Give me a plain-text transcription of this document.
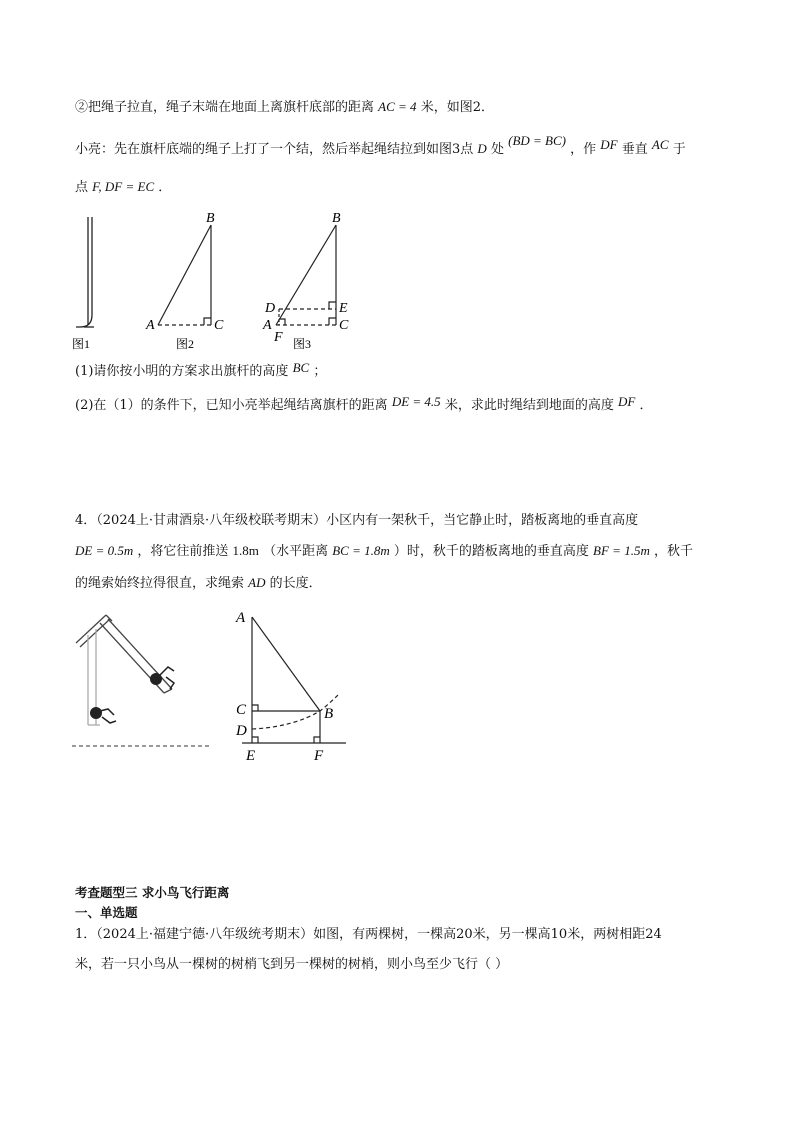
②把绳子拉直，绳子末端在地面上离旗杆底部的距离 AC = 4 米，如图2．
小亮：先在旗杆底端的绳子上打了一个结，然后举起绳结拉到如图3点 D 处 (BD = BC) ，作 DF 垂直 AC 于
点 F, DF = EC ．
B
A	C
B
D	E
A	C
F
图1	图2	图3
(1)请你按小明的方案求出旗杆的高度 BC ；
(2)在（1）的条件下，已知小亮举起绳结离旗杆的距离 DE = 4.5 米，求此时绳结到地面的高度 DF ．
4．（2024上·甘肃酒泉·八年级校联考期末）小区内有一架秋千，当它静止时，踏板离地的垂直高度
DE = 0.5m ，将它往前推送 1.8m （水平距离 BC = 1.8m ）时，秋千的踏板离地的垂直高度 BF = 1.5m ，秋千
的绳索始终拉得很直，求绳索 AD 的长度．
A
C	B
D
E	F
考查题型三 求小鸟飞行距离
一、单选题
1．（2024上·福建宁德·八年级统考期末）如图，有两棵树，一棵高20米，另一棵高10米，两树相距24
米，若一只小鸟从一棵树的树梢飞到另一棵树的树梢，则小鸟至少飞行（ ）
